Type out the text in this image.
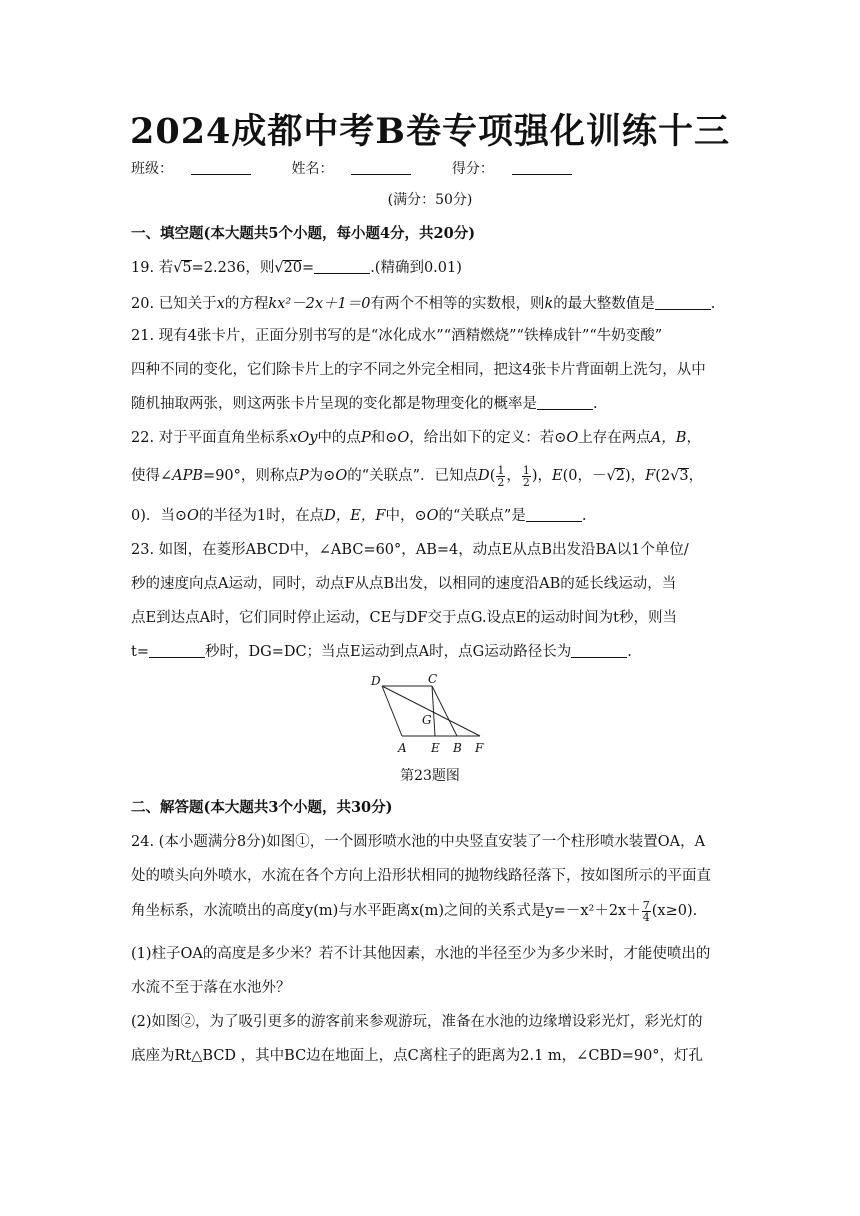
2024成都中考B卷专项强化训练十三
班级：	姓名：	得分：
(满分：50分)
一、填空题(本大题共5个小题，每小题4分，共20分)
19. 若√5=2.236，则√20=	.(精确到0.01)
20. 已知关于x的方程kx²－2x＋1＝0有两个不相等的实数根，则k的最大整数值是	.
21. 现有4张卡片，正面分别书写的是“冰化成水”“酒精燃烧”“铁棒成针”“牛奶变酸”
四种不同的变化，它们除卡片上的字不同之外完全相同，把这4张卡片背面朝上洗匀，从中
随机抽取两张，则这两张卡片呈现的变化都是物理变化的概率是	.
22. 对于平面直角坐标系xOy中的点P和⊙O，给出如下的定义：若⊙O上存在两点A，B，
使得∠APB=90°，则称点P为⊙O的“关联点”．已知点$D( \frac{1}{2}$ ， $\frac{1}{2}$ )，E(0，－√2)，F(2√3，
0)．当⊙O的半径为1时，在点D，E，F中，⊙O的“关联点”是	.
23. 如图，在菱形ABCD中，∠ABC=60°，AB=4，动点E从点B出发沿BA以1个单位/
秒的速度向点A运动，同时，动点F从点B出发，以相同的速度沿AB的延长线运动，当
点E到达点A时，它们同时停止运动，CE与DF交于点G.设点E的运动时间为t秒，则当
t=	秒时，DG=DC；当点E运动到点A时，点G运动路径长为	.
D	C
G
A E B F
第23题图
二、解答题(本大题共3个小题，共30分)
24. (本小题满分8分)如图①，一个圆形喷水池的中央竖直安装了一个柱形喷水装置OA，A
处的喷头向外喷水，水流在各个方向上沿形状相同的抛物线路径落下，按如图所示的平面直
角坐标系，水流喷出的高度y(m)与水平距离x(m)之间的关系式是$y=-x^2+2x+ \frac{7}{4} (x\ge 0)$.
(1)柱子OA的高度是多少米？若不计其他因素，水池的半径至少为多少米时，才能使喷出的
水流不至于落在水池外？
(2)如图②，为了吸引更多的游客前来参观游玩，准备在水池的边缘增设彩光灯，彩光灯的
底座为Rt△BCD ，其中BC边在地面上，点C离柱子的距离为2.1 m，∠CBD=90°，灯孔
